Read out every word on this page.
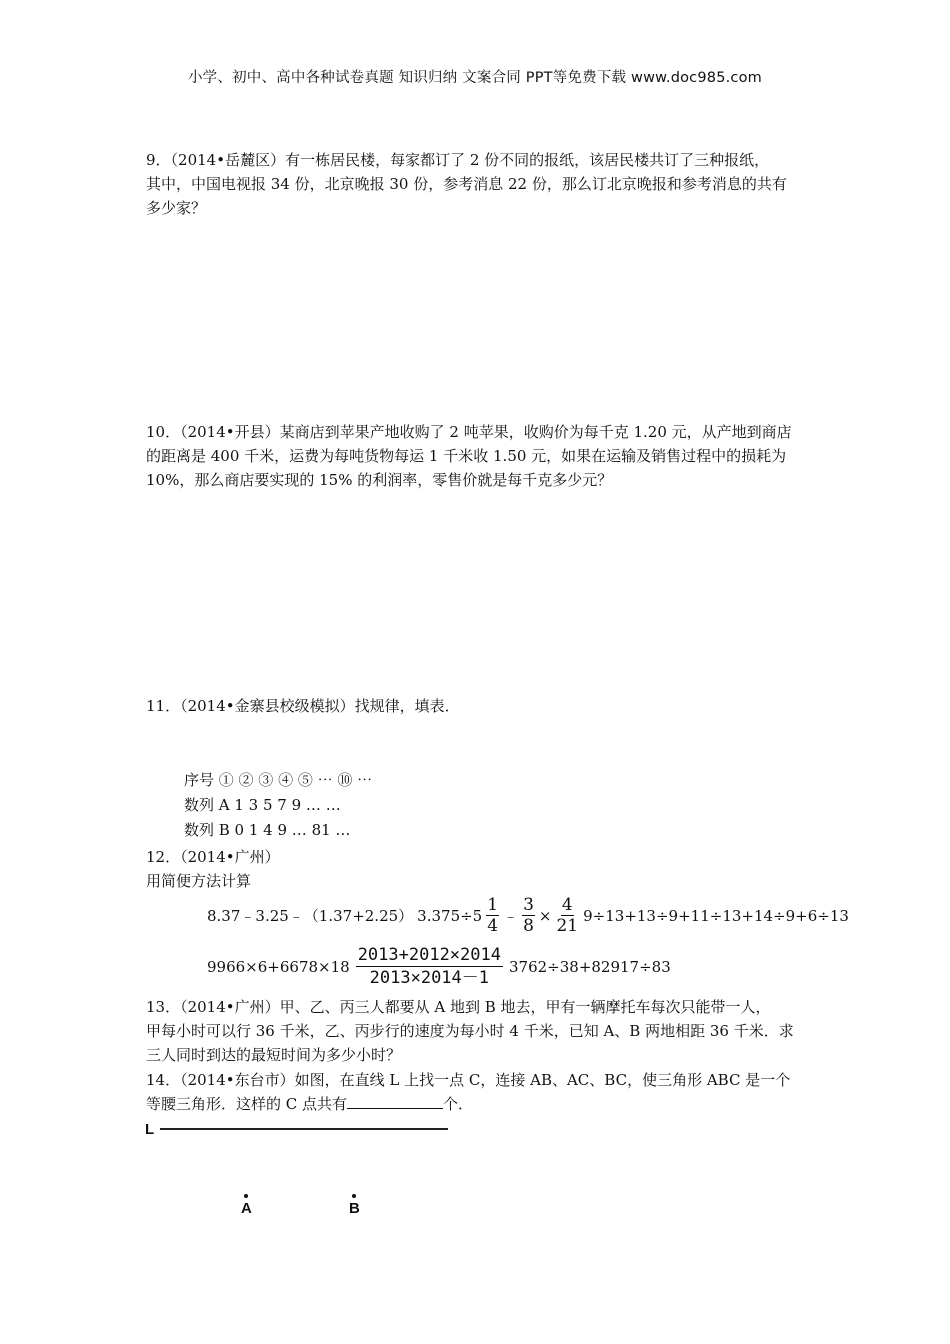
小学、初中、高中各种试卷真题 知识归纳 文案合同 PPT等免费下载 www.doc985.com
9．（2014•岳麓区）有一栋居民楼，每家都订了 2 份不同的报纸，该居民楼共订了三种报纸，
其中，中国电视报 34 份，北京晚报 30 份，参考消息 22 份，那么订北京晚报和参考消息的共有
多少家？
10．（2014•开县）某商店到苹果产地收购了 2 吨苹果，收购价为每千克 1.20 元，从产地到商店
的距离是 400 千米，运费为每吨货物每运 1 千米收 1.50 元，如果在运输及销售过程中的损耗为
10%，那么商店要实现的 15% 的利润率，零售价就是每千克多少元？
11．（2014•金寨县校级模拟）找规律，填表．
序号 ① ② ③ ④ ⑤ ⋯ ⑩ ⋯
数列 A 1 3 5 7 9 … …
数列 B 0 1 4 9 … 81 …
12．（2014•广州）
用简便方法计算
8.37﹣3.25﹣（1.37+2.25） $3.375\div 5 \frac{1}{4}$ ﹣ $\frac{3}{8} \times \frac{4}{21} 9\div 13+13\div 9+11\div 13+14\div 9+6\div 13$
$9966\times 6+6678\times 18 \frac{2013+2012\times 2014}{2013\times 2014-1} 3762\div 38+82917\div 83$
13．（2014•广州）甲、乙、丙三人都要从 A 地到 B 地去，甲有一辆摩托车每次只能带一人，
甲每小时可以行 36 千米，乙、丙步行的速度为每小时 4 千米，已知 A、B 两地相距 36 千米．求
三人同时到达的最短时间为多少小时？
14．（2014•东台市）如图，在直线 L 上找一点 C，连接 AB、AC、BC，使三角形 ABC 是一个
等腰三角形．这样的 C 点共有	个．
L
A	B
